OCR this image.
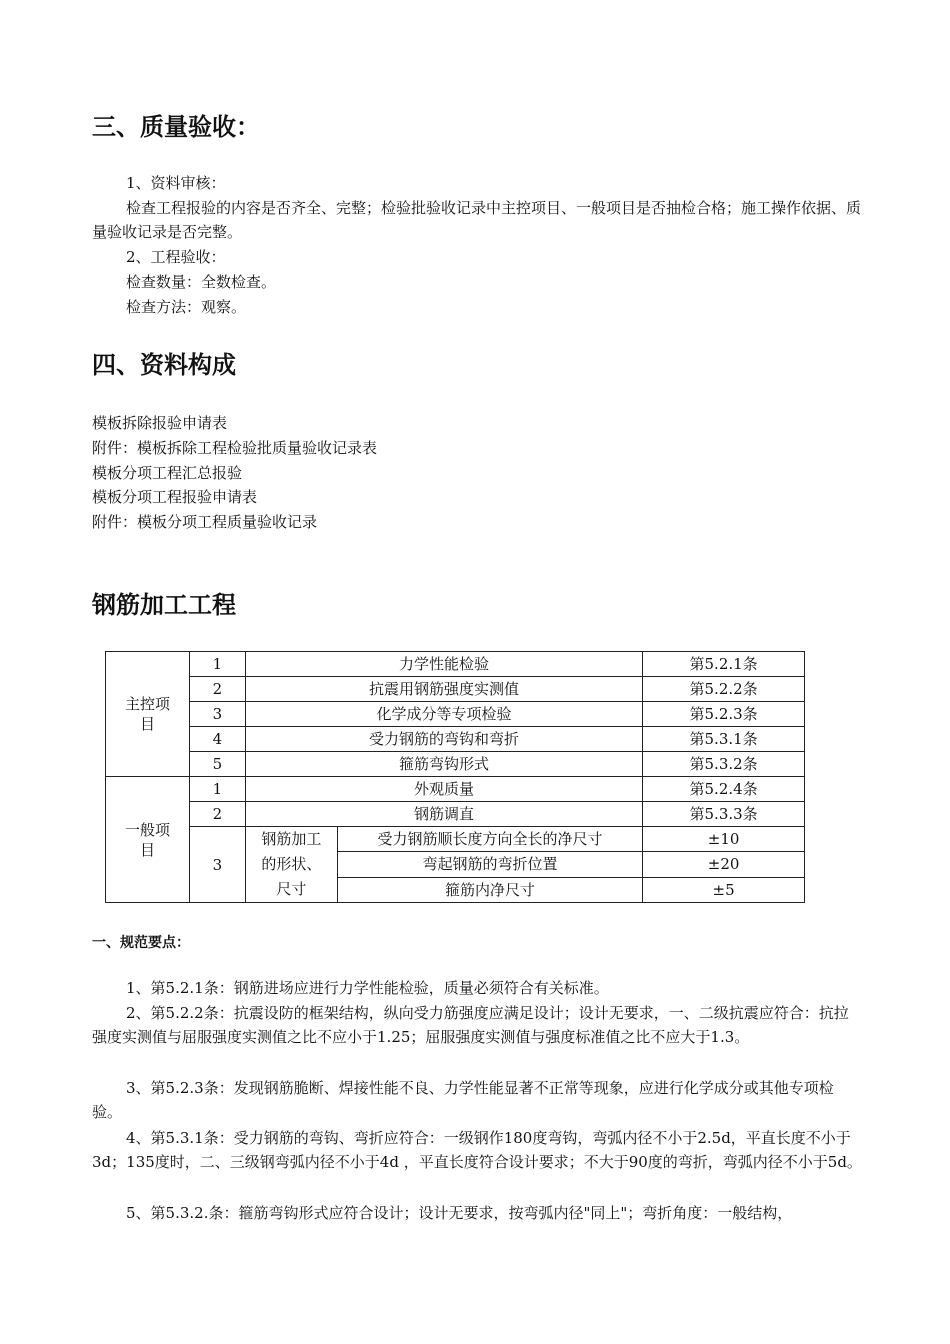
三、质量验收：

1、资料审核：

检查工程报验的内容是否齐全、完整；检验批验收记录中主控项目、一般项目是否抽检合格；施工操作依据、质量验收记录是否完整。

2、工程验收：

检查数量：全数检查。

检查方法：观察。

四、资料构成

模板拆除报验申请表

附件：模板拆除工程检验批质量验收记录表

模板分项工程汇总报验

模板分项工程报验申请表

附件：模板分项工程质量验收记录

钢筋加工工程
主控项目	1	力学性能检验		第5.2.1条
	2	抗震用钢筋强度实测值		第5.2.2条
	3	化学成分等专项检验		第5.2.3条
	4	受力钢筋的弯钩和弯折		第5.3.1条
	5	箍筋弯钩形式		第5.3.2条
一般项目	1	外观质量		第5.2.4条
	2	钢筋调直		第5.3.3条
	3	钢筋加工的形状、尺寸	受力钢筋顺长度方向全长的净尺寸	±10
			弯起钢筋的弯折位置	±20
			箍筋内净尺寸	±5

一、规范要点：

1、第5.2.1条：钢筋进场应进行力学性能检验，质量必须符合有关标准。

2、第5.2.2条：抗震设防的框架结构，纵向受力筋强度应满足设计；设计无要求，一、二级抗震应符合：抗拉强度实测值与屈服强度实测值之比不应小于1.25；屈服强度实测值与强度标准值之比不应大于1.3。

3、第5.2.3条：发现钢筋脆断、焊接性能不良、力学性能显著不正常等现象，应进行化学成分或其他专项检验。

4、第5.3.1条：受力钢筋的弯钩、弯折应符合：一级钢作180度弯钩，弯弧内径不小于2.5d，平直长度不小于3d；135度时，二、三级钢弯弧内径不小于4d ，平直长度符合设计要求；不大于90度的弯折，弯弧内径不小于5d。

5、第5.3.2.条：箍筋弯钩形式应符合设计；设计无要求，按弯弧内径"同上"；弯折角度：一般结构，
